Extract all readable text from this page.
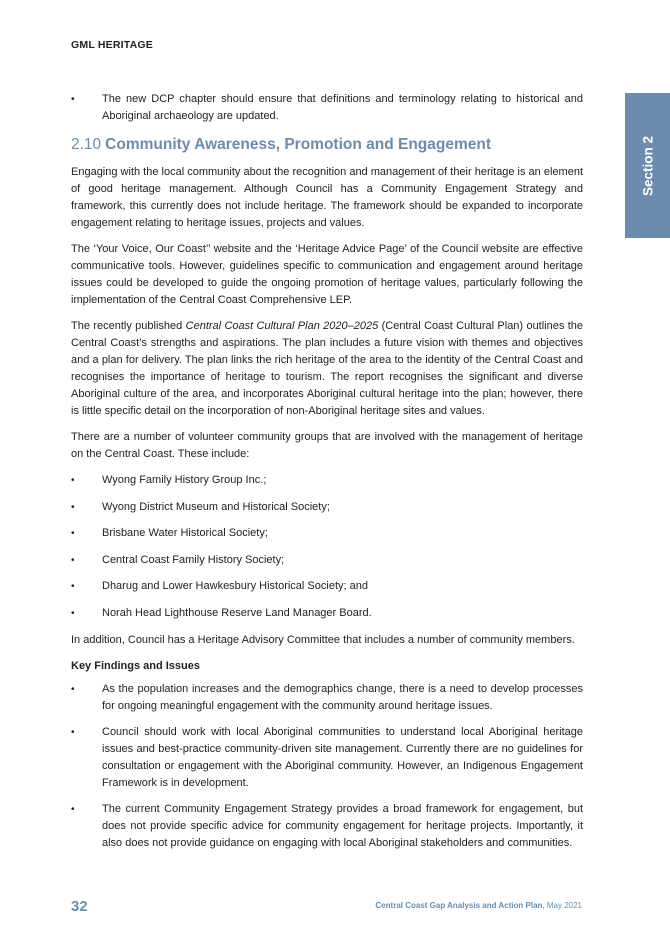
GML HERITAGE
Section 2
• The new DCP chapter should ensure that definitions and terminology relating to historical and Aboriginal archaeology are updated.
2.10 Community Awareness, Promotion and Engagement

Engaging with the local community about the recognition and management of their heritage is an element of good heritage management. Although Council has a Community Engagement Strategy and framework, this currently does not include heritage. The framework should be expanded to incorporate engagement relating to heritage issues, projects and values.

The ‘Your Voice, Our Coast’’ website and the ‘Heritage Advice Page’ of the Council website are effective communicative tools. However, guidelines specific to communication and engagement around heritage issues could be developed to guide the ongoing promotion of heritage values, particularly following the implementation of the Central Coast Comprehensive LEP.

The recently published Central Coast Cultural Plan 2020–2025 (Central Coast Cultural Plan) outlines the Central Coast’s strengths and aspirations. The plan includes a future vision with themes and objectives and a plan for delivery. The plan links the rich heritage of the area to the identity of the Central Coast and recognises the importance of heritage to tourism. The report recognises the significant and diverse Aboriginal culture of the area, and incorporates Aboriginal cultural heritage into the plan; however, there is little specific detail on the incorporation of non-Aboriginal heritage sites and values.

There are a number of volunteer community groups that are involved with the management of heritage on the Central Coast. These include:

• Wyong Family History Group Inc.;
• Wyong District Museum and Historical Society;
• Brisbane Water Historical Society;
• Central Coast Family History Society;
• Dharug and Lower Hawkesbury Historical Society; and
• Norah Head Lighthouse Reserve Land Manager Board.

In addition, Council has a Heritage Advisory Committee that includes a number of community members.

Key Findings and Issues
• As the population increases and the demographics change, there is a need to develop processes for ongoing meaningful engagement with the community around heritage issues.
• Council should work with local Aboriginal communities to understand local Aboriginal heritage issues and best-practice community-driven site management. Currently there are no guidelines for consultation or engagement with the Aboriginal community. However, an Indigenous Engagement Framework is in development.
• The current Community Engagement Strategy provides a broad framework for engagement, but does not provide specific advice for community engagement for heritage projects. Importantly, it also does not provide guidance on engaging with local Aboriginal stakeholders and communities.
32	Central Coast Gap Analysis and Action Plan, May 2021
